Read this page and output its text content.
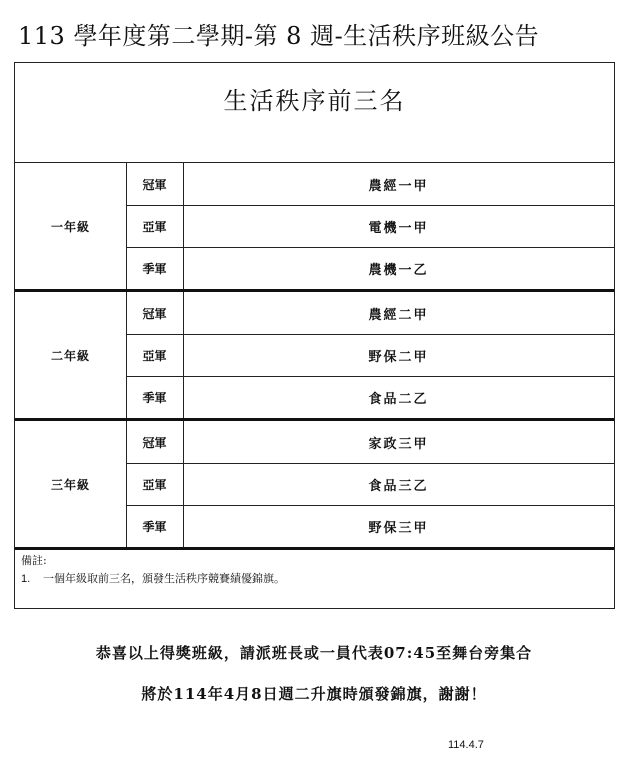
113 學年度第二學期-第 8 週-生活秩序班級公告
生活秩序前三名
一年級
冠軍	農經一甲
亞軍	電機一甲
季軍	農機一乙
二年級
冠軍	農經二甲
亞軍	野保二甲
季軍	食品二乙
三年級
冠軍	家政三甲
亞軍	食品三乙
季軍	野保三甲
備註:
1. 一個年級取前三名，頒發生活秩序競賽績優錦旗。
恭喜以上得獎班級，請派班長或一員代表07:45至舞台旁集合
將於114年4月8日週二升旗時頒發錦旗，謝謝！
114.4.7
